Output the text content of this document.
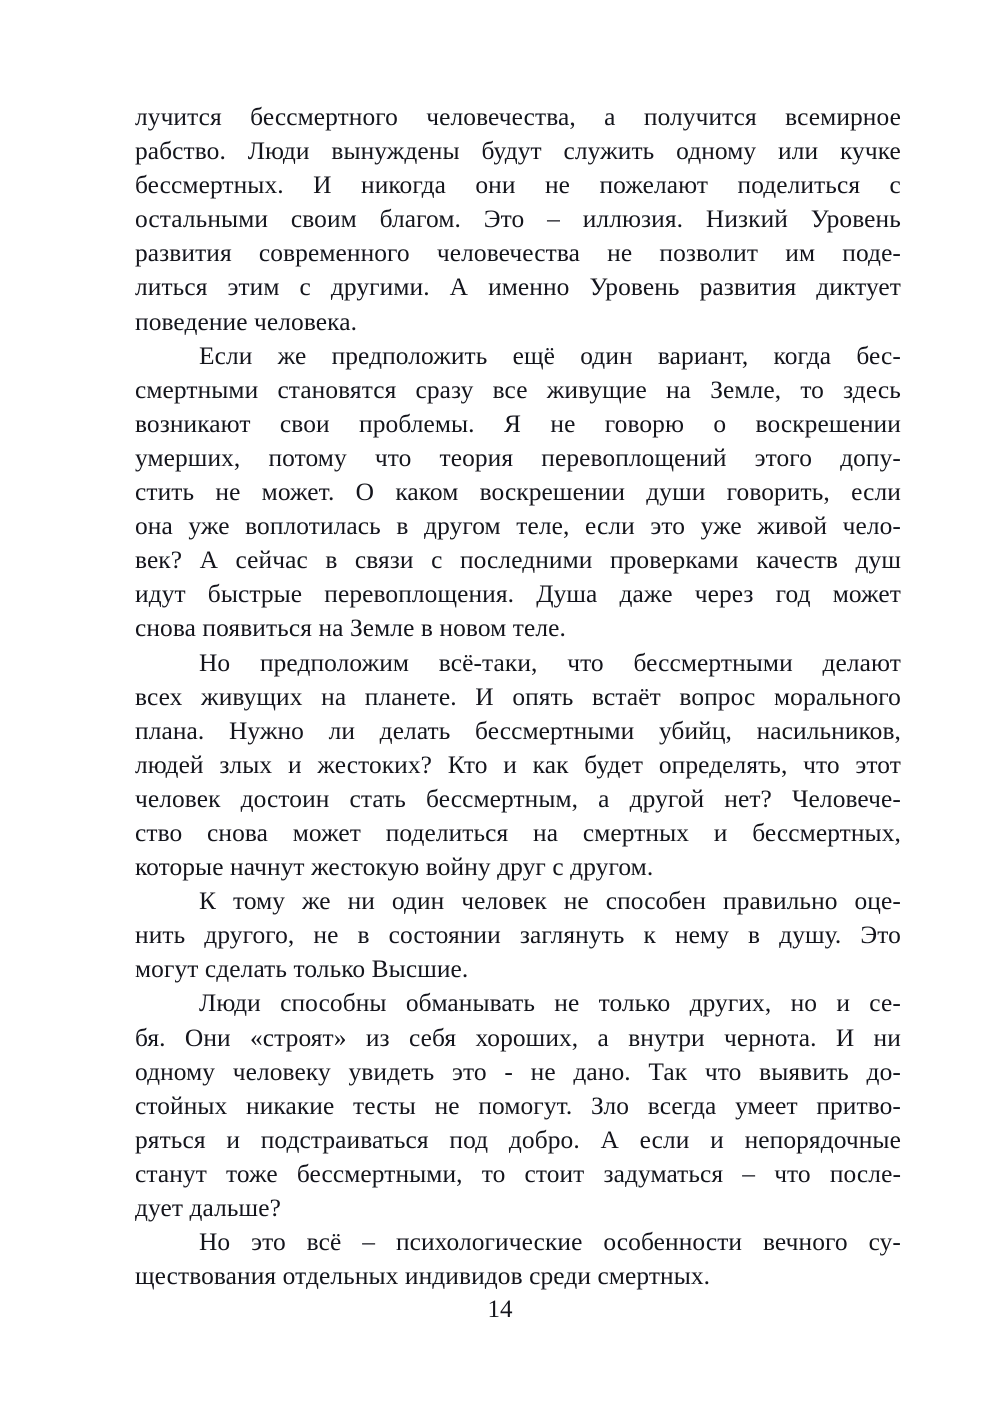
лучится бессмертного человечества, а получится всемирное
рабство. Люди вынуждены будут служить одному или кучке
бессмертных. И никогда они не пожелают поделиться с
остальными своим благом. Это – иллюзия. Низкий Уровень
развития современного человечества не позволит им поде-
литься этим с другими. А именно Уровень развития диктует
поведение человека.
Если же предположить ещё один вариант, когда бес-
смертными становятся сразу все живущие на Земле, то здесь
возникают свои проблемы. Я не говорю о воскрешении
умерших, потому что теория перевоплощений этого допу-
стить не может. О каком воскрешении души говорить, если
она уже воплотилась в другом теле, если это уже живой чело-
век? А сейчас в связи с последними проверками качеств душ
идут быстрые перевоплощения. Душа даже через год может
снова появиться на Земле в новом теле.
Но предположим всё-таки, что бессмертными делают
всех живущих на планете. И опять встаёт вопрос морального
плана. Нужно ли делать бессмертными убийц, насильников,
людей злых и жестоких? Кто и как будет определять, что этот
человек достоин стать бессмертным, а другой нет? Человече-
ство снова может поделиться на смертных и бессмертных,
которые начнут жестокую войну друг с другом.
К тому же ни один человек не способен правильно оце-
нить другого, не в состоянии заглянуть к нему в душу. Это
могут сделать только Высшие.
Люди способны обманывать не только других, но и се-
бя. Они «строят» из себя хороших, а внутри чернота. И ни
одному человеку увидеть это - не дано. Так что выявить до-
стойных никакие тесты не помогут. Зло всегда умеет притво-
ряться и подстраиваться под добро. А если и непорядочные
станут тоже бессмертными, то стоит задуматься – что после-
дует дальше?
Но это всё – психологические особенности вечного су-
ществования отдельных индивидов среди смертных.
14
